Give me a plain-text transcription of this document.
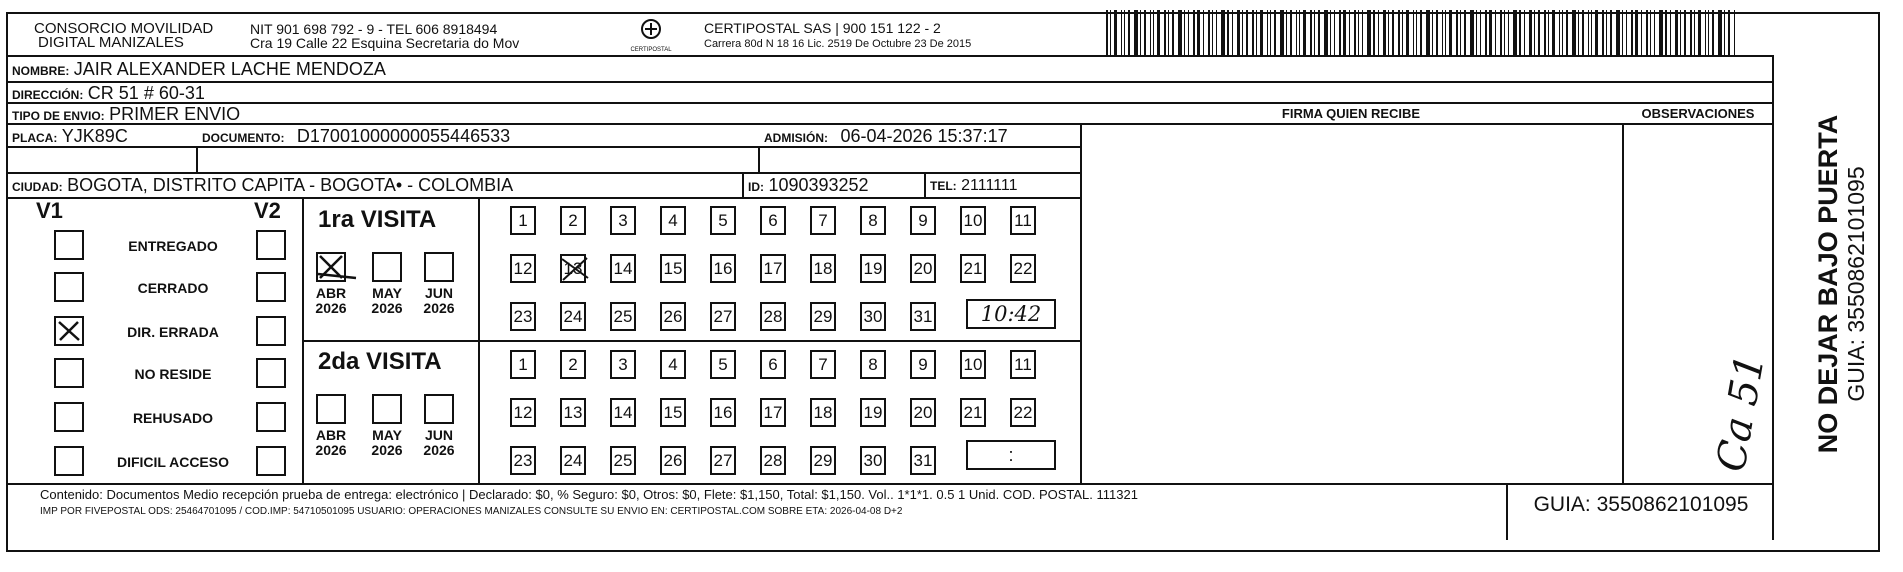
CONSORCIO MOVILIDAD
DIGITAL MANIZALES
NIT 901 698 792 - 9 - TEL 606 8918494
Cra 19 Calle 22 Esquina Secretaria do Mov	CERTIPOSTAL
CERTIPOSTAL SAS | 900 151 122 - 2
Carrera 80d N 18 16 Lic. 2519 De Octubre 23 De 2015
NOMBRE: JAIR ALEXANDER LACHE MENDOZA
DIRECCIÓN: CR 51 # 60-31
TIPO DE ENVIO: PRIMER ENVIO
PLACA: YJK89C	DOCUMENTO: D17001000000055446533	ADMISIÓN: 06-04-2026 15:37:17
CIUDAD: BOGOTA, DISTRITO CAPITA - BOGOTA• - COLOMBIA	ID: 1090393252	TEL: 2111111
FIRMA QUIEN RECIBE	OBSERVACIONES
V1	V2
ENTREGADO
CERRADO
DIR. ERRADA
NO RESIDE
REHUSADO
DIFICIL ACCESO
1ra VISITA
2da VISITA
ABR
2026
MAY
2026
JUN
2026
ABR
2026
MAY
2026
JUN
2026
1	2	3	4	5	6	7	8	9	10 11
12 13 14 15 16 17 18 19 20 21 22
23 24 25 26 27 28 29 30 31
1	2	3	4	5	6	7	8	9	10 11
12 13 14 15 16 17 18 19 20 21 22
23 24 25 26 27 28 29 30 31
10:42
:	Ca 51
Contenido: Documentos Medio recepción prueba de entrega: electrónico | Declarado: $0, % Seguro: $0, Otros: $0, Flete: $1,150, Total: $1,150. Vol.. 1*1*1. 0.5 1 Unid. COD. POSTAL. 111321
IMP POR FIVEPOSTAL ODS: 25464701095 / COD.IMP: 54710501095 USUARIO: OPERACIONES MANIZALES CONSULTE SU ENVIO EN: CERTIPOSTAL.COM SOBRE ETA: 2026-04-08 D+2	GUIA: 3550862101095
NO DEJAR BAJO PUERTA GUIA: 3550862101095
